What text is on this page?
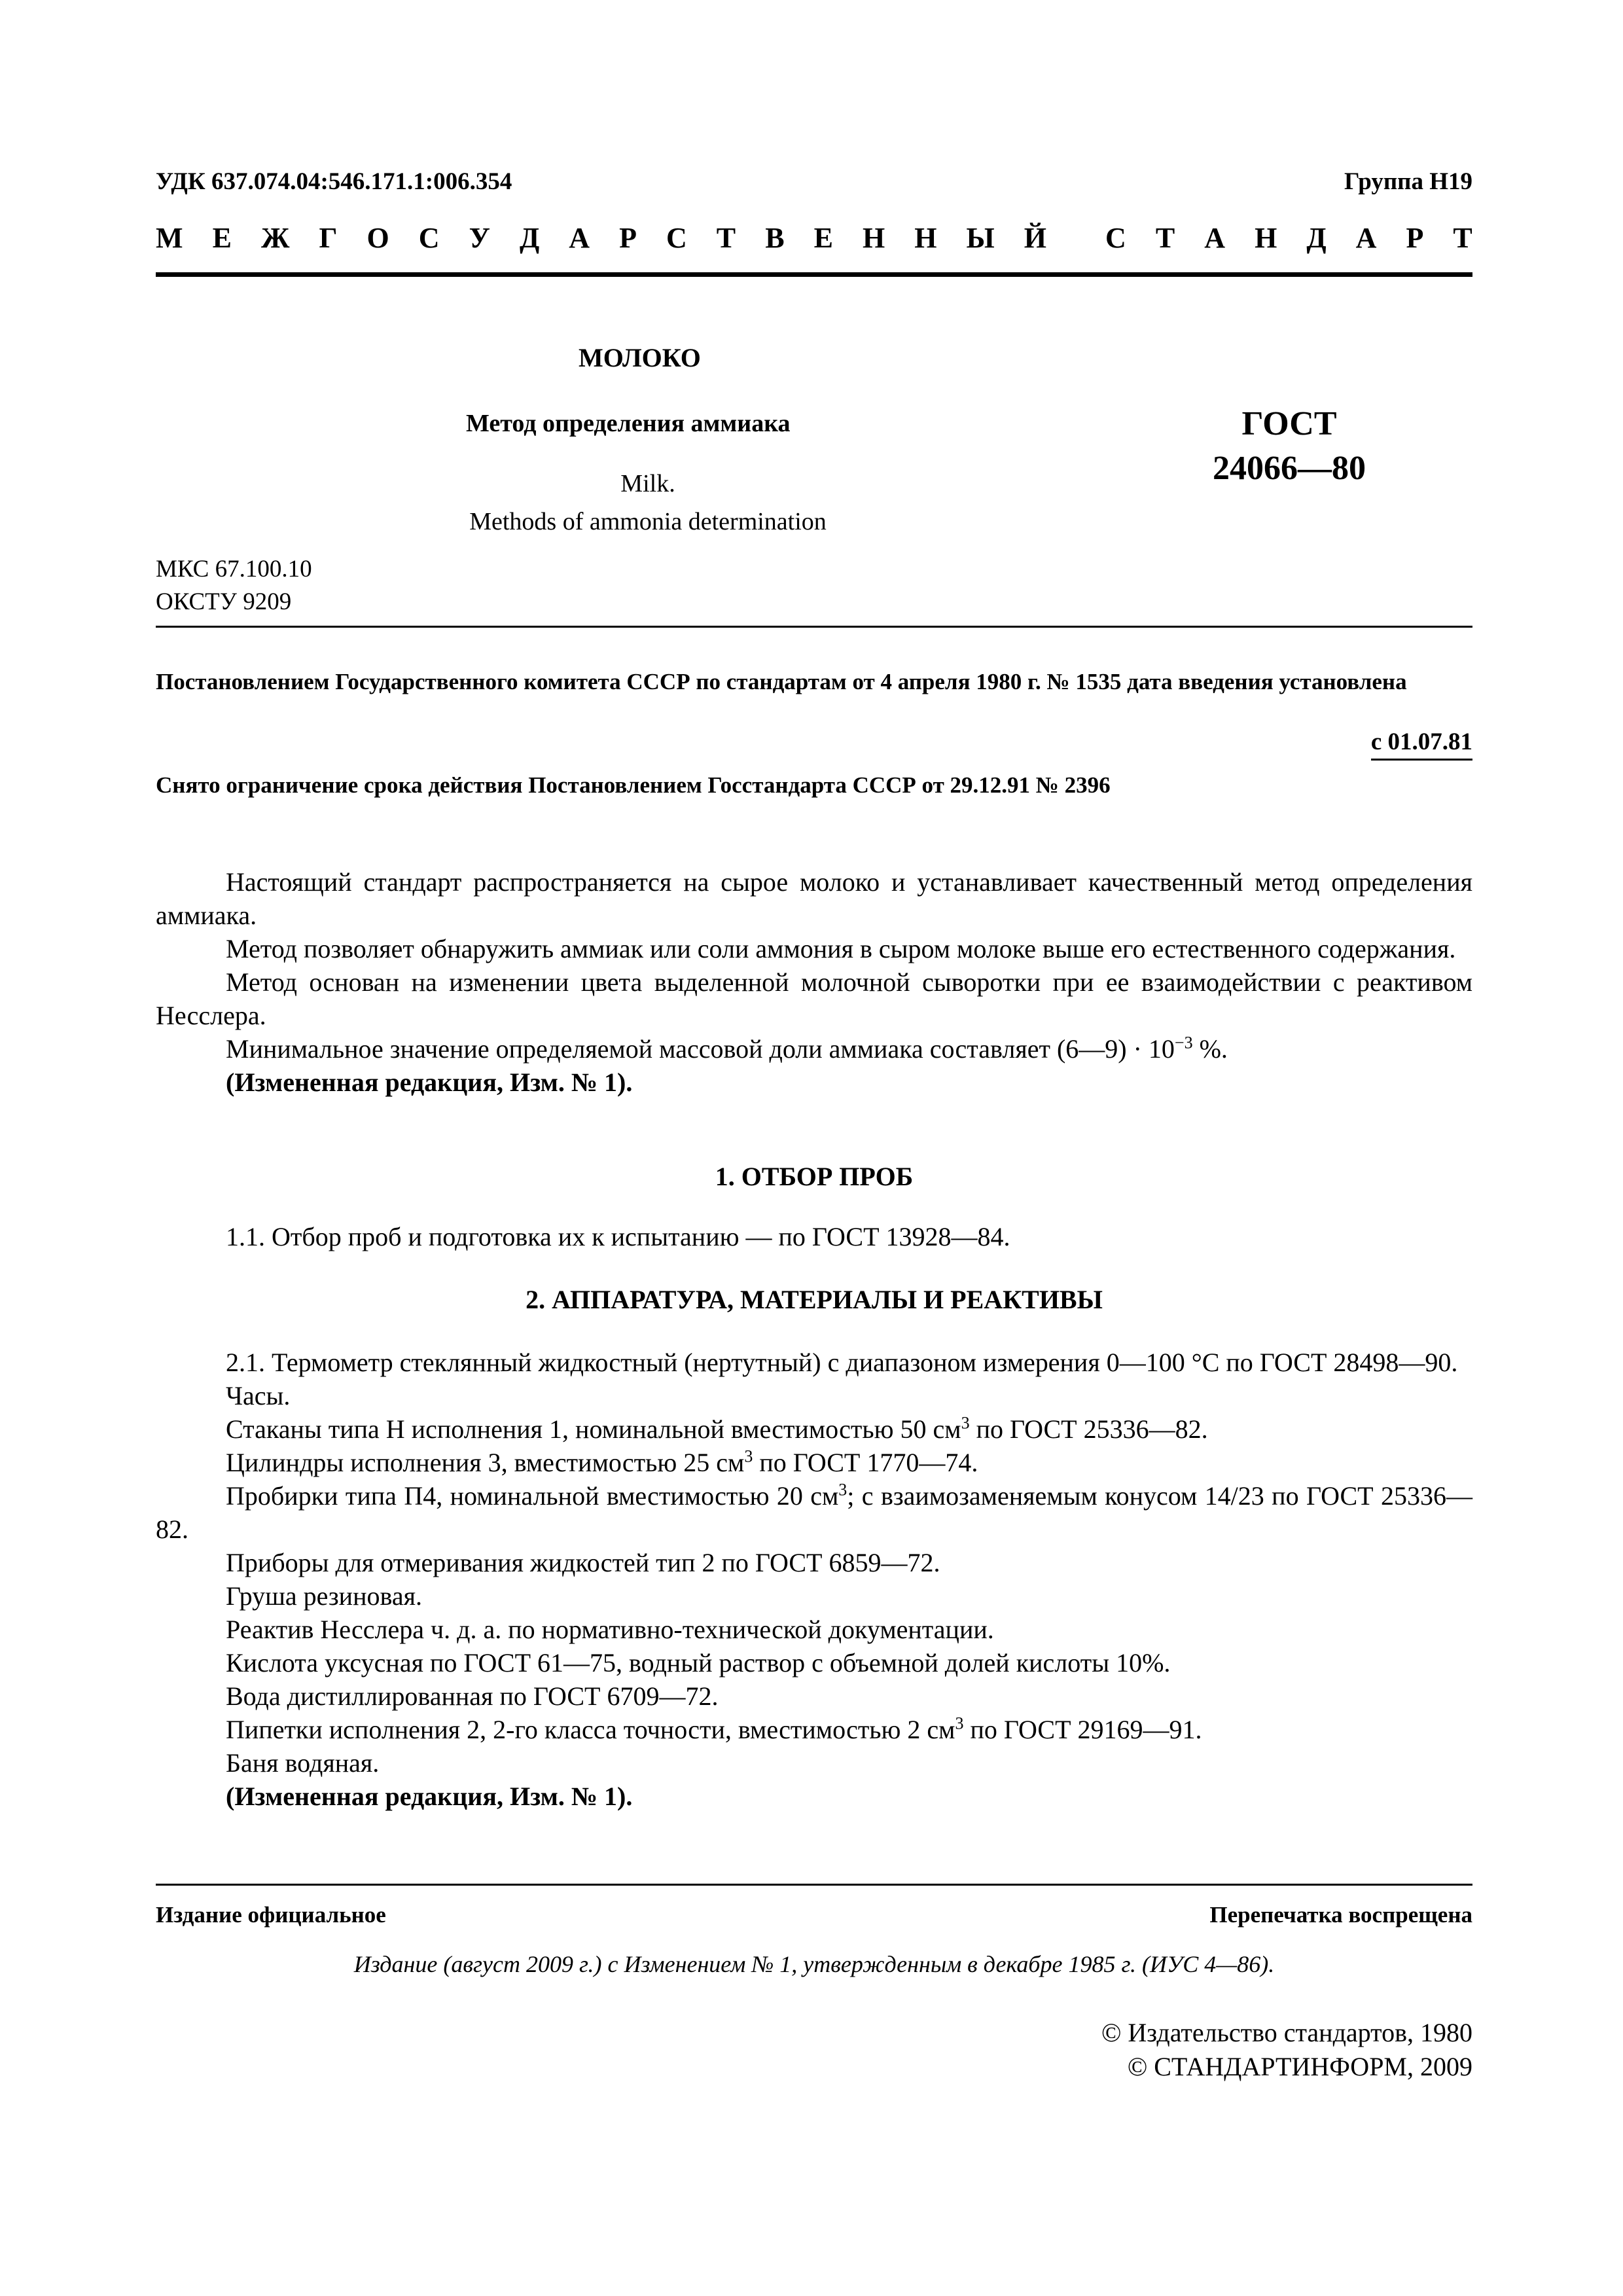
УДК 637.074.04:546.171.1:006.354	Группа Н19
М Е Ж Г О С У Д А Р С Т В Е Н Н Ы Й С Т А Н Д А Р Т
МОЛОКО
Метод определения аммиака
Milk.
Methods of ammonia determination
ГОСТ
24066—80
МКС 67.100.10
ОКСТУ 9209
Постановлением Государственного комитета СССР по стандартам от 4 апреля 1980 г. № 1535 дата введения установлена
с 01.07.81
Снято ограничение срока действия Постановлением Госстандарта СССР от 29.12.91 № 2396

Настоящий стандарт распространяется на сырое молоко и устанавливает качественный метод определения аммиака.

Метод позволяет обнаружить аммиак или соли аммония в сыром молоке выше его естественного содержания.

Метод основан на изменении цвета выделенной молочной сыворотки при ее взаимодействии с реактивом Несслера.

Минимальное значение определяемой массовой доли аммиака составляет (6—9) · $10^{-3}$ %.

(Измененная редакция, Изм. № 1).

1. ОТБОР ПРОБ

1.1. Отбор проб и подготовка их к испытанию — по ГОСТ 13928—84.

2. АППАРАТУРА, МАТЕРИАЛЫ И РЕАКТИВЫ

2.1. Термометр стеклянный жидкостный (нертутный) с диапазоном измерения 0—100 °С по ГОСТ 28498—90.

Часы.

Стаканы типа Н исполнения 1, номинальной вместимостью 50 $см^3$ по ГОСТ 25336—82.

Цилиндры исполнения 3, вместимостью 25 $см^3$ по ГОСТ 1770—74.

Пробирки типа П4, номинальной вместимостью 20 $см^3$; с взаимозаменяемым конусом 14/23 по ГОСТ 25336—82.

Приборы для отмеривания жидкостей тип 2 по ГОСТ 6859—72.

Груша резиновая.

Реактив Несслера ч. д. а. по нормативно-технической документации.

Кислота уксусная по ГОСТ 61—75, водный раствор с объемной долей кислоты 10%.

Вода дистиллированная по ГОСТ 6709—72.

Пипетки исполнения 2, 2-го класса точности, вместимостью 2 $см^3$ по ГОСТ 29169—91.

Баня водяная.

(Измененная редакция, Изм. № 1).

Издание официальное	Перепечатка воспрещена
Издание (август 2009 г.) с Изменением № 1, утвержденным в декабре 1985 г. (ИУС 4—86).
© Издательство стандартов, 1980
© СТАНДАРТИНФОРМ, 2009
